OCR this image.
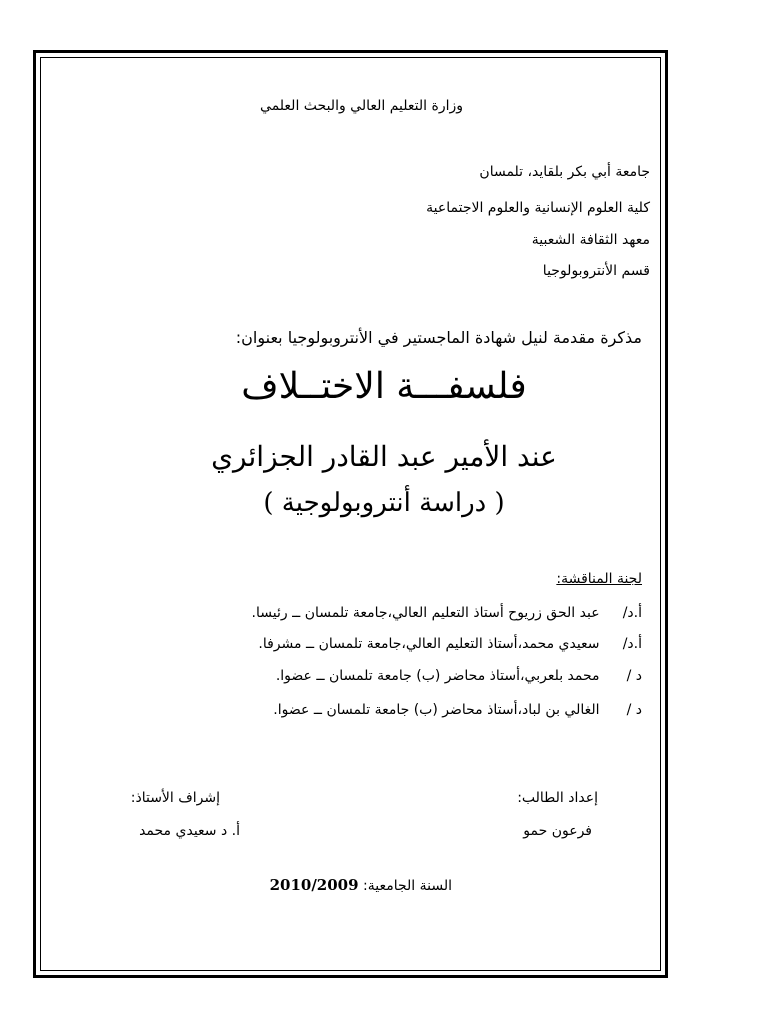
وزارة التعليم العالي والبحث العلمي
جامعة أبي بكر بلقايد، تلمسان
كلية العلوم الإنسانية والعلوم الاجتماعية
معهد الثقافة الشعبية
قسم الأنتروبولوجيا
مذكرة مقدمة لنيل شهادة الماجستير في الأنتروبولوجيا بعنوان:
فلسفـــة الاختــلاف
عند الأمير عبد القادر الجزائري
( دراسة أنتروبولوجية )
لجنة المناقشة:
أ.د/ عبد الحق زريوح أستاذ التعليم العالي،جامعة تلمسان ــ رئيسا.
أ.د/ سعيدي محمد،أستاذ التعليم العالي،جامعة تلمسان ــ مشرفا.
د / محمد بلعربي،أستاذ محاضر (ب) جامعة تلمسان ــ عضوا.
د / الغالي بن لباد،أستاذ محاضر (ب) جامعة تلمسان ــ عضوا.
إعداد الطالب:
فرعون حمو
إشراف الأستاذ:
أ. د سعيدي محمد
السنة الجامعية: 2010/2009
